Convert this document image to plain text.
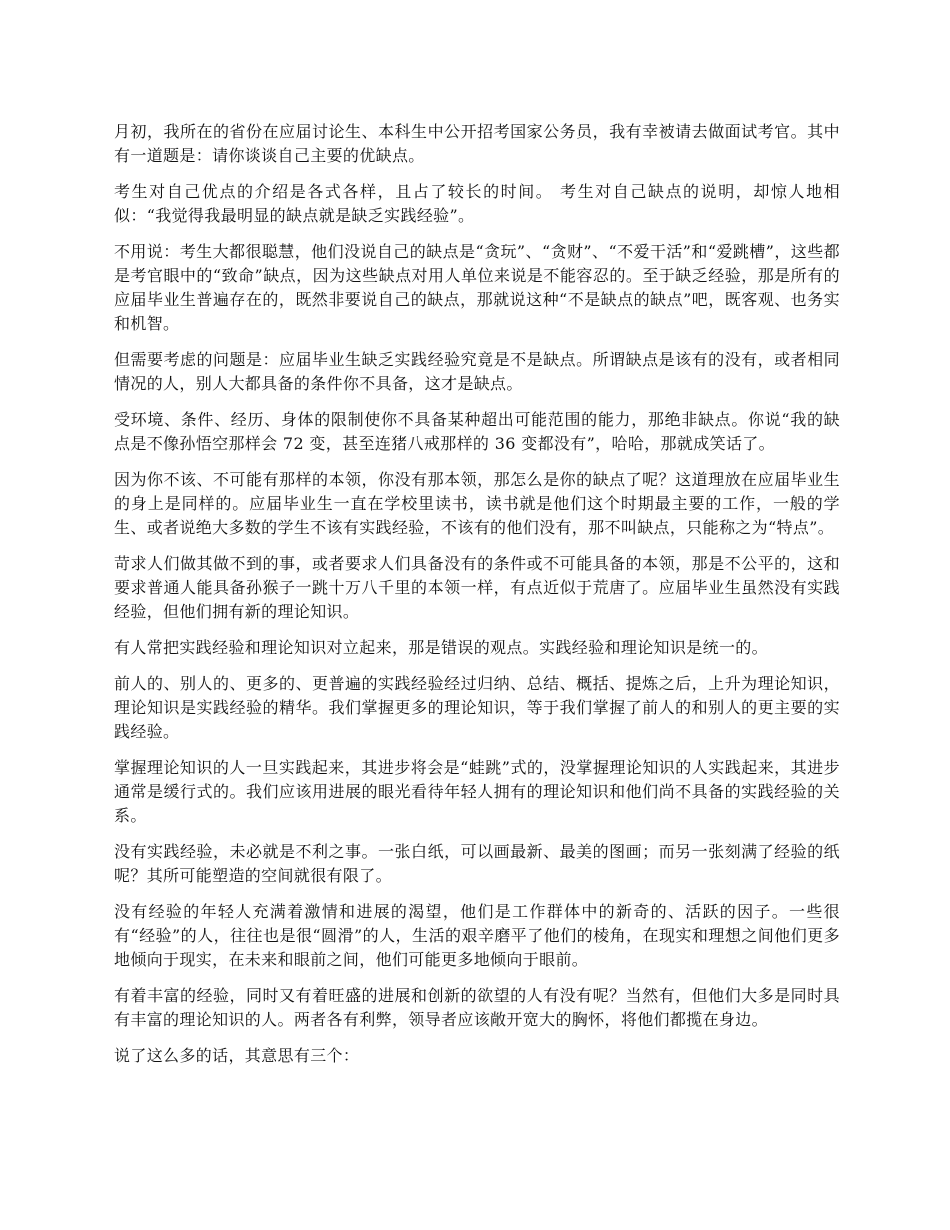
月初，我所在的省份在应届讨论生、本科生中公开招考国家公务员，我有幸被请去做面试考官。其中有一道题是：请你谈谈自己主要的优缺点。

考生对自己优点的介绍是各式各样，且占了较长的时间。 考生对自己缺点的说明，却惊人地相似：“我觉得我最明显的缺点就是缺乏实践经验”。

不用说：考生大都很聪慧，他们没说自己的缺点是“贪玩”、“贪财”、“不爱干活”和“爱跳槽”，这些都是考官眼中的“致命”缺点，因为这些缺点对用人单位来说是不能容忍的。至于缺乏经验，那是所有的应届毕业生普遍存在的，既然非要说自己的缺点，那就说这种“不是缺点的缺点”吧，既客观、也务实和机智。

但需要考虑的问题是：应届毕业生缺乏实践经验究竟是不是缺点。所谓缺点是该有的没有，或者相同情况的人，别人大都具备的条件你不具备，这才是缺点。

受环境、条件、经历、身体的限制使你不具备某种超出可能范围的能力，那绝非缺点。你说“我的缺点是不像孙悟空那样会 72 变，甚至连猪八戒那样的 36 变都没有”，哈哈，那就成笑话了。

因为你不该、不可能有那样的本领，你没有那本领，那怎么是你的缺点了呢？这道理放在应届毕业生的身上是同样的。应届毕业生一直在学校里读书，读书就是他们这个时期最主要的工作，一般的学生、或者说绝大多数的学生不该有实践经验，不该有的他们没有，那不叫缺点，只能称之为“特点”。

苛求人们做其做不到的事，或者要求人们具备没有的条件或不可能具备的本领，那是不公平的，这和要求普通人能具备孙猴子一跳十万八千里的本领一样，有点近似于荒唐了。应届毕业生虽然没有实践经验，但他们拥有新的理论知识。

有人常把实践经验和理论知识对立起来，那是错误的观点。实践经验和理论知识是统一的。

前人的、别人的、更多的、更普遍的实践经验经过归纳、总结、概括、提炼之后，上升为理论知识，理论知识是实践经验的精华。我们掌握更多的理论知识，等于我们掌握了前人的和别人的更主要的实践经验。

掌握理论知识的人一旦实践起来，其进步将会是“蛙跳”式的，没掌握理论知识的人实践起来，其进步通常是缓行式的。我们应该用进展的眼光看待年轻人拥有的理论知识和他们尚不具备的实践经验的关系。

没有实践经验，未必就是不利之事。一张白纸，可以画最新、最美的图画；而另一张刻满了经验的纸呢？其所可能塑造的空间就很有限了。

没有经验的年轻人充满着激情和进展的渴望，他们是工作群体中的新奇的、活跃的因子。一些很有“经验”的人，往往也是很“圆滑”的人，生活的艰辛磨平了他们的棱角，在现实和理想之间他们更多地倾向于现实，在未来和眼前之间，他们可能更多地倾向于眼前。

有着丰富的经验，同时又有着旺盛的进展和创新的欲望的人有没有呢？当然有，但他们大多是同时具有丰富的理论知识的人。两者各有利弊，领导者应该敞开宽大的胸怀，将他们都揽在身边。

说了这么多的话，其意思有三个：
